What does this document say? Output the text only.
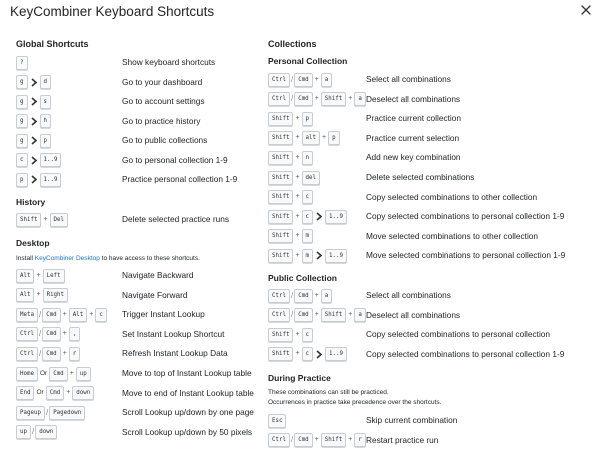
KeyCombiner Keyboard Shortcuts
Global Shortcuts
History
Desktop
Install KeyCombiner Desktop to have access to these shortcuts.
?	Show keyboard shortcuts
g	d	Go to your dashboard
g	s	Go to account settings
g	h	Go to practice history
g	p	Go to public collections
c	1..9	Go to personal collection 1-9
p	1..9	Practice personal collection 1-9
Shift +	Del	Delete selected practice runs
Alt +	Left	Navigate Backward
Alt +	Right	Navigate Forward
Meta / Cmd +	Alt +	c	Trigger Instant Lookup
Ctrl / Cmd +	,	Set Instant Lookup Shortcut
Ctrl / Cmd +	r	Refresh Instant Lookup Data
Home Or	Cmd +	up	Move to top of Instant Lookup table
End Or	Cmd +	down	Move to end of Instant Lookup table
Pageup / Pagedown	Scroll Lookup up/down by one page
up / down	Scroll Lookup up/down by 50 pixels
Collections
Personal Collection
Public Collection
During Practice
These combinations can still be practiced.
Occurrences in practice take precedence over the shortcuts.
Ctrl / Cmd +	a	Select all combinations
Ctrl / Cmd +	Shift +	a Deselect all combinations
Shift +	p	Practice current collection
Shift +	alt +	p	Practice current selection
Shift +	n	Add new key combination
Shift +	del	Delete selected combinations
Shift +	c	Copy selected combinations to other collection
Shift +	c	1..9	Copy selected combinations to personal collection 1-9
Shift +	m	Move selected combinations to other collection
Shift +	m	1..9	Move selected combinations to personal collection 1-9
Ctrl / Cmd +	a	Select all combinations
Ctrl / Cmd +	Shift +	a Deselect all combinations
Shift +	c	Copy selected combinations to personal collection
Shift +	c	1..9	Copy selected combinations to personal collection 1-9
Esc	Skip current combination
Ctrl / Cmd +	Shift +	r Restart practice run
